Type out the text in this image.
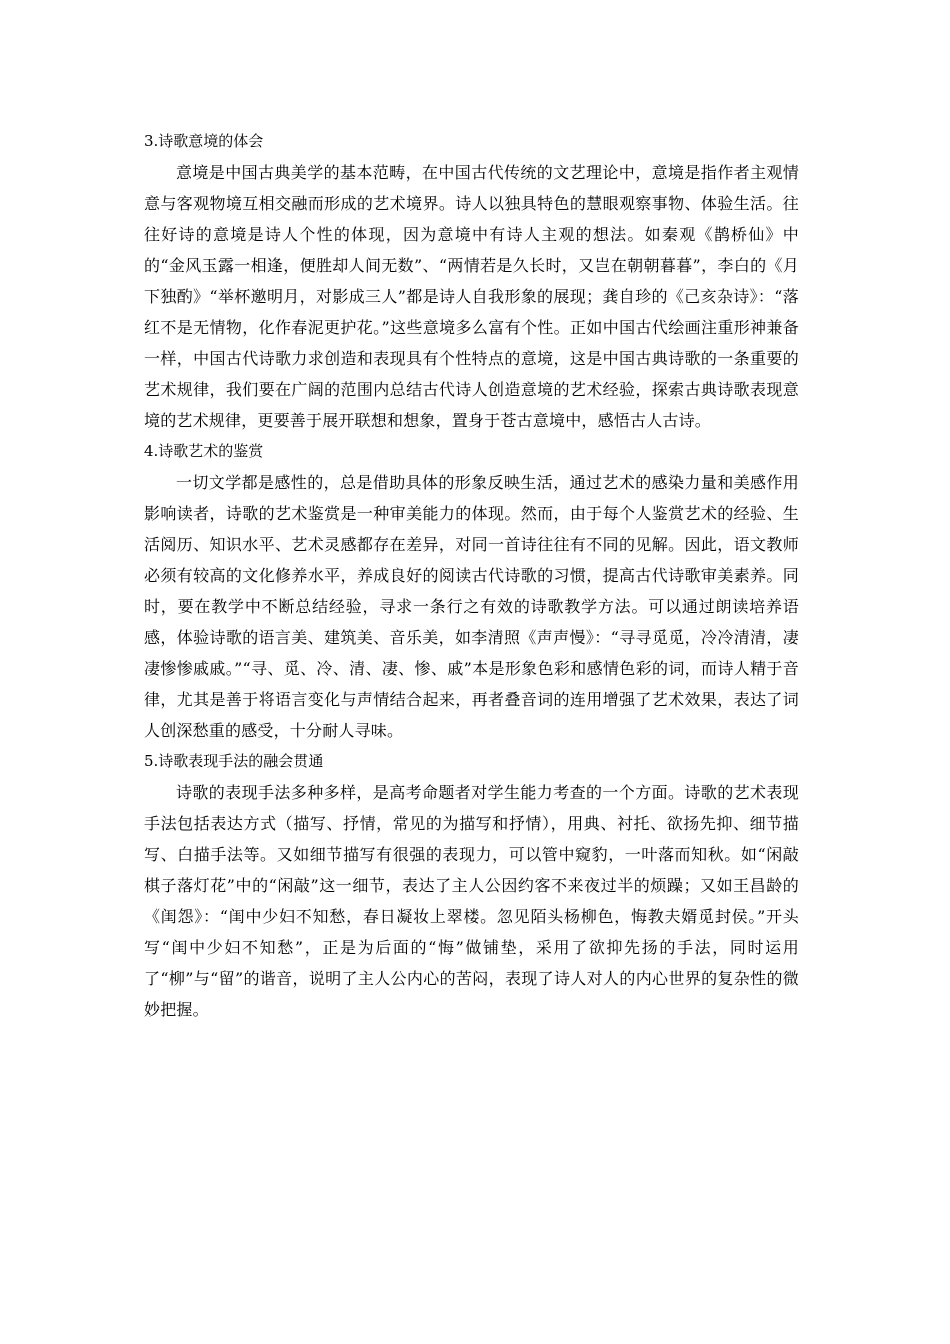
3.诗歌意境的体会

意境是中国古典美学的基本范畴，在中国古代传统的文艺理论中，意境是指作者主观情意与客观物境互相交融而形成的艺术境界。诗人以独具特色的慧眼观察事物、体验生活。往往好诗的意境是诗人个性的体现，因为意境中有诗人主观的想法。如秦观《鹊桥仙》中的“金风玉露一相逢，便胜却人间无数”、“两情若是久长时，又岂在朝朝暮暮”，李白的《月下独酌》“举杯邀明月，对影成三人”都是诗人自我形象的展现；龚自珍的《己亥杂诗》：“落红不是无情物，化作春泥更护花。”这些意境多么富有个性。正如中国古代绘画注重形神兼备一样，中国古代诗歌力求创造和表现具有个性特点的意境，这是中国古典诗歌的一条重要的艺术规律，我们要在广阔的范围内总结古代诗人创造意境的艺术经验，探索古典诗歌表现意境的艺术规律，更要善于展开联想和想象，置身于苍古意境中，感悟古人古诗。

4.诗歌艺术的鉴赏

一切文学都是感性的，总是借助具体的形象反映生活，通过艺术的感染力量和美感作用影响读者，诗歌的艺术鉴赏是一种审美能力的体现。然而，由于每个人鉴赏艺术的经验、生活阅历、知识水平、艺术灵感都存在差异，对同一首诗往往有不同的见解。因此，语文教师必须有较高的文化修养水平，养成良好的阅读古代诗歌的习惯，提高古代诗歌审美素养。同时，要在教学中不断总结经验，寻求一条行之有效的诗歌教学方法。可以通过朗读培养语感，体验诗歌的语言美、建筑美、音乐美，如李清照《声声慢》：“寻寻觅觅，冷冷清清，凄凄惨惨戚戚。”“寻、觅、冷、清、凄、惨、戚”本是形象色彩和感情色彩的词，而诗人精于音律，尤其是善于将语言变化与声情结合起来，再者叠音词的连用增强了艺术效果，表达了词人创深愁重的感受，十分耐人寻味。

5.诗歌表现手法的融会贯通

诗歌的表现手法多种多样，是高考命题者对学生能力考查的一个方面。诗歌的艺术表现手法包括表达方式（描写、抒情，常见的为描写和抒情），用典、衬托、欲扬先抑、细节描写、白描手法等。又如细节描写有很强的表现力，可以管中窥豹，一叶落而知秋。如“闲敲棋子落灯花”中的“闲敲”这一细节，表达了主人公因约客不来夜过半的烦躁；又如王昌龄的《闺怨》：“闺中少妇不知愁，春日凝妆上翠楼。忽见陌头杨柳色，悔教夫婿觅封侯。”开头写“闺中少妇不知愁”，正是为后面的“悔”做铺垫，采用了欲抑先扬的手法，同时运用了“柳”与“留”的谐音，说明了主人公内心的苦闷，表现了诗人对人的内心世界的复杂性的微妙把握。
